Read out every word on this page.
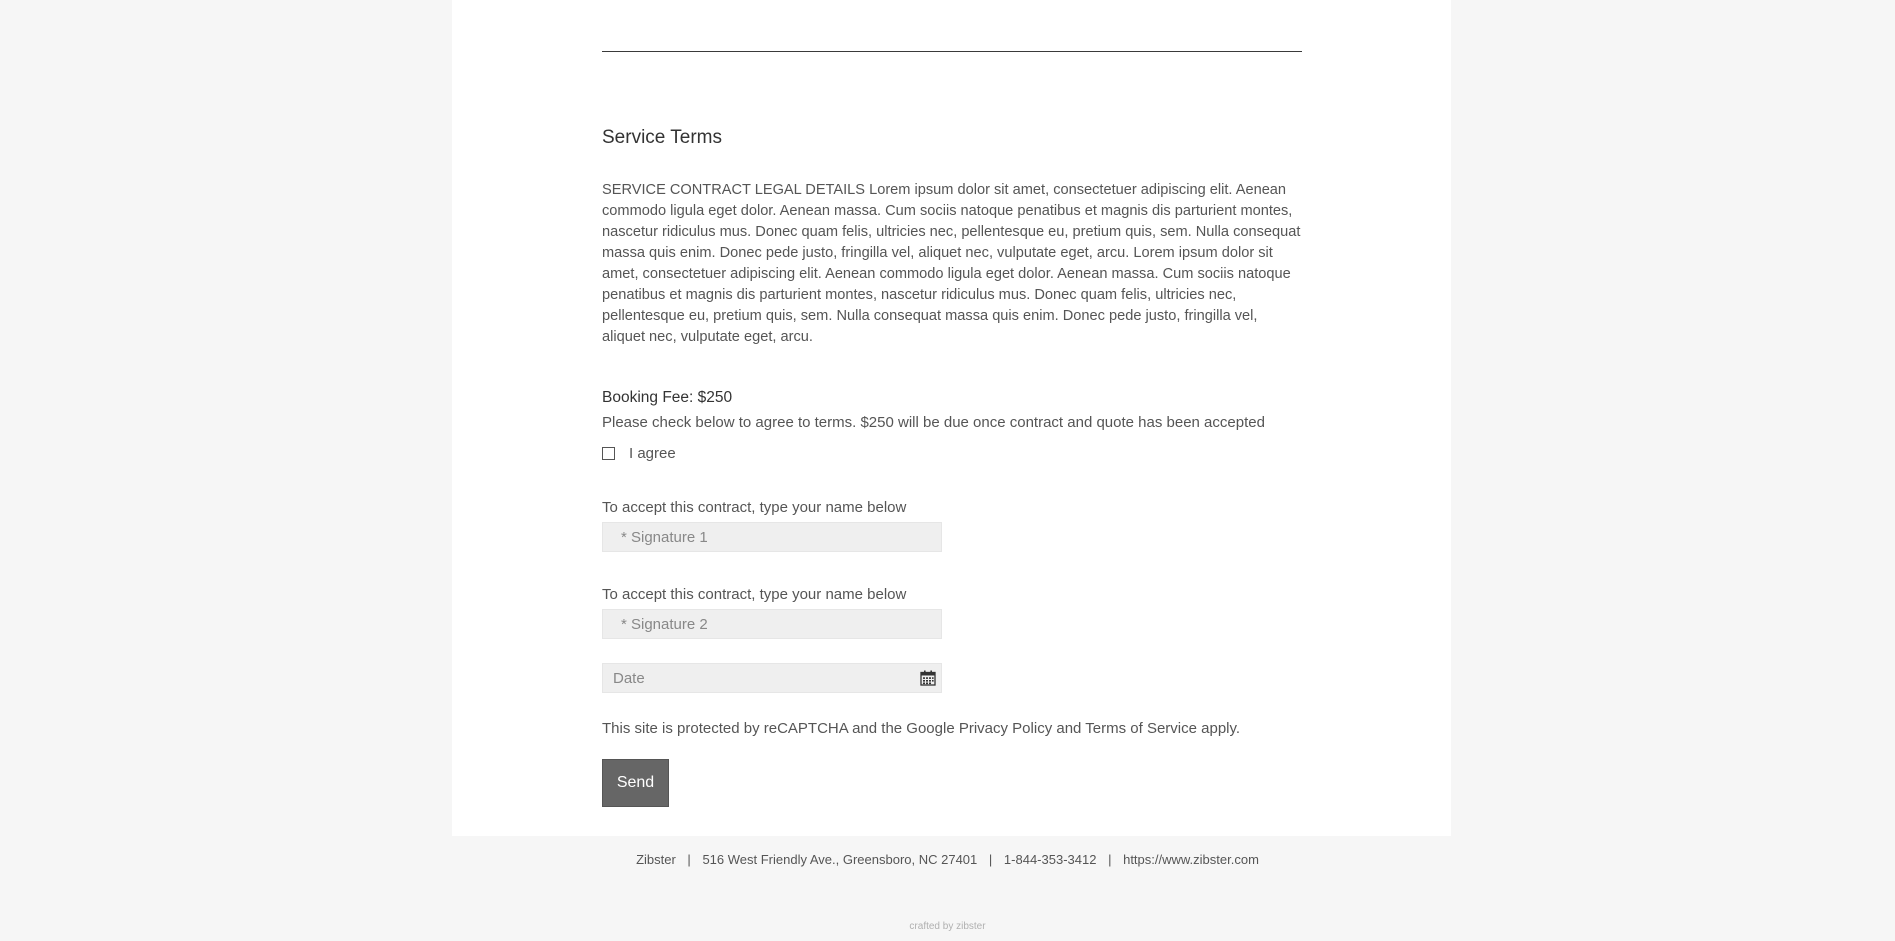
Service Terms

SERVICE CONTRACT LEGAL DETAILS Lorem ipsum dolor sit amet, consectetuer adipiscing elit. Aenean commodo ligula eget dolor. Aenean massa. Cum sociis natoque penatibus et magnis dis parturient montes, nascetur ridiculus mus. Donec quam felis, ultricies nec, pellentesque eu, pretium quis, sem. Nulla consequat massa quis enim. Donec pede justo, fringilla vel, aliquet nec, vulputate eget, arcu. Lorem ipsum dolor sit amet, consectetuer adipiscing elit. Aenean commodo ligula eget dolor. Aenean massa. Cum sociis natoque penatibus et magnis dis parturient montes, nascetur ridiculus mus. Donec quam felis, ultricies nec, pellentesque eu, pretium quis, sem. Nulla consequat massa quis enim. Donec pede justo, fringilla vel, aliquet nec, vulputate eget, arcu.

Booking Fee: $250
Please check below to agree to terms. $250 will be due once contract and quote has been accepted
I agree
To accept this contract, type your name below
* Signature 1
To accept this contract, type your name below
* Signature 2
Date
This site is protected by reCAPTCHA and the Google Privacy Policy and Terms of Service apply.
Send
Zibster | 516 West Friendly Ave., Greensboro, NC 27401 | 1-844-353-3412 | https://www.zibster.com
crafted by zibster
